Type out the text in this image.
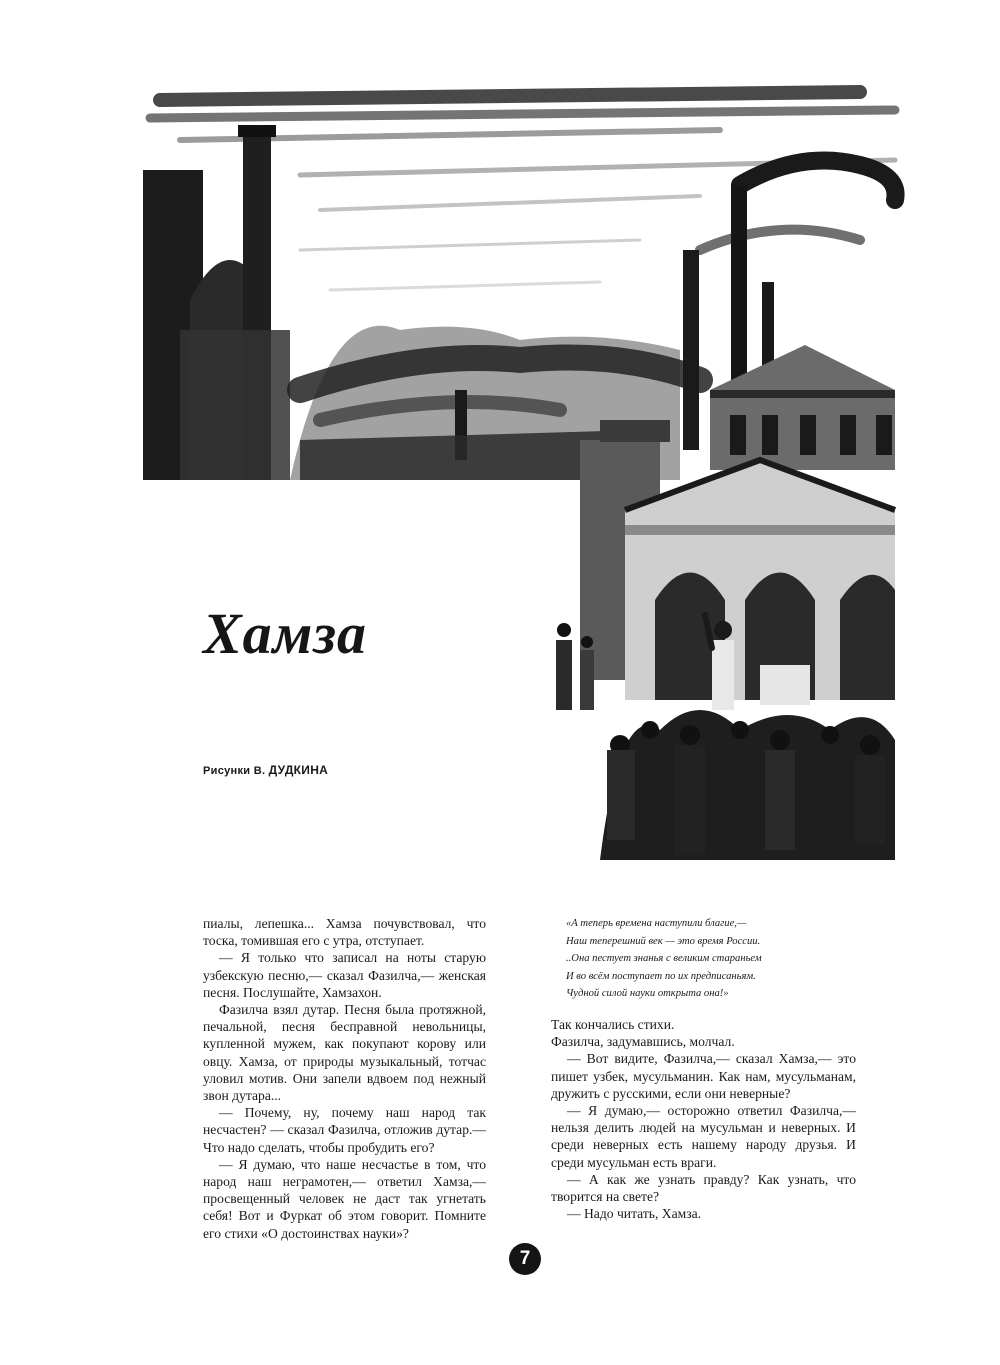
Хамза
Рисунки В. ДУДКИНА

пиалы, лепешка... Хамза почувствовал, что тоска, томившая его с утра, отступает.

— Я только что записал на ноты старую узбекскую песню,— сказал Фазилча,— женская песня. Послушайте, Хамзахон.

Фазилча взял дутар. Песня была протяжной, печальной, песня бесправной невольницы, купленной мужем, как покупают корову или овцу. Хамза, от природы музыкальный, тотчас уловил мотив. Они запели вдвоем под нежный звон дутара...

— Почему, ну, почему наш народ так несчастен? — сказал Фазилча, отложив дутар.— Что надо сделать, чтобы пробудить его?

— Я думаю, что наше несчастье в том, что народ наш неграмотен,— ответил Хамза,— просвещенный человек не даст так угнетать себя! Вот и Фуркат об этом говорит. Помните его стихи «О достоинствах науки»?

«А теперь времена наступили благие,—
Наш теперешний век — это время России.
..Она пестует знанья с великим стараньем
И во всём поступает по их предписаньям.
Чудной силой науки открыта она!»

Так кончались стихи.

Фазилча, задумавшись, молчал.

— Вот видите, Фазилча,— сказал Хамза,— это пишет узбек, мусульманин. Как нам, мусульманам, дружить с русскими, если они неверные?

— Я думаю,— осторожно ответил Фазилча,— нельзя делить людей на мусульман и неверных. И среди неверных есть нашему народу друзья. И среди мусульман есть враги.

— А как же узнать правду? Как узнать, что творится на свете?

— Надо читать, Хамза.

7
